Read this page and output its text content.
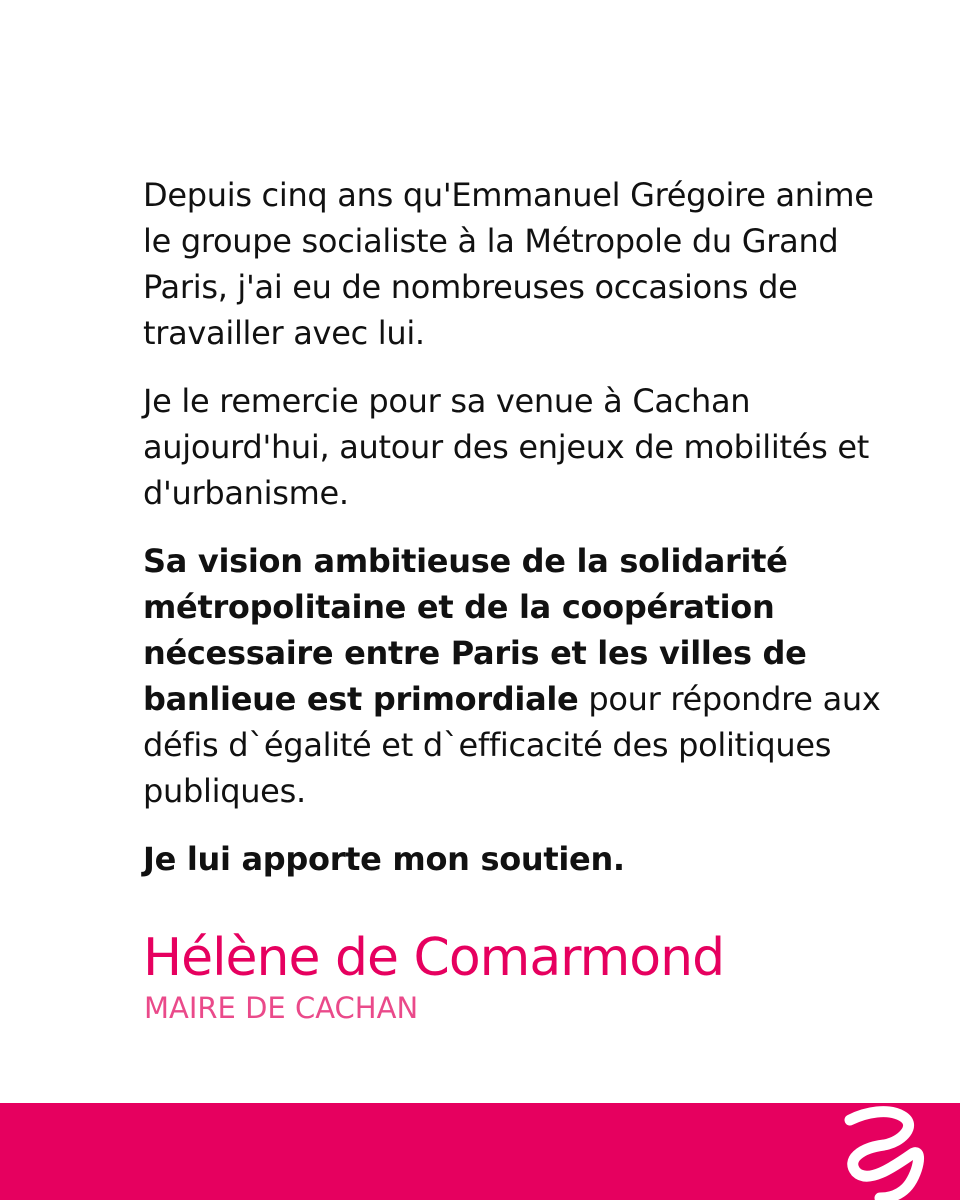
Depuis cinq ans qu'Emmanuel Grégoire anime le groupe socialiste à la Métropole du Grand Paris, j'ai eu de nombreuses occasions de travailler avec lui.

Je le remercie pour sa venue à Cachan aujourd'hui, autour des enjeux de mobilités et d'urbanisme.

Sa vision ambitieuse de la solidarité métropolitaine et de la coopération nécessaire entre Paris et les villes de banlieue est primordiale pour répondre aux défis d`égalité et d`efficacité des politiques publiques.

Je lui apporte mon soutien.

Hélène de Comarmond
MAIRE DE CACHAN
